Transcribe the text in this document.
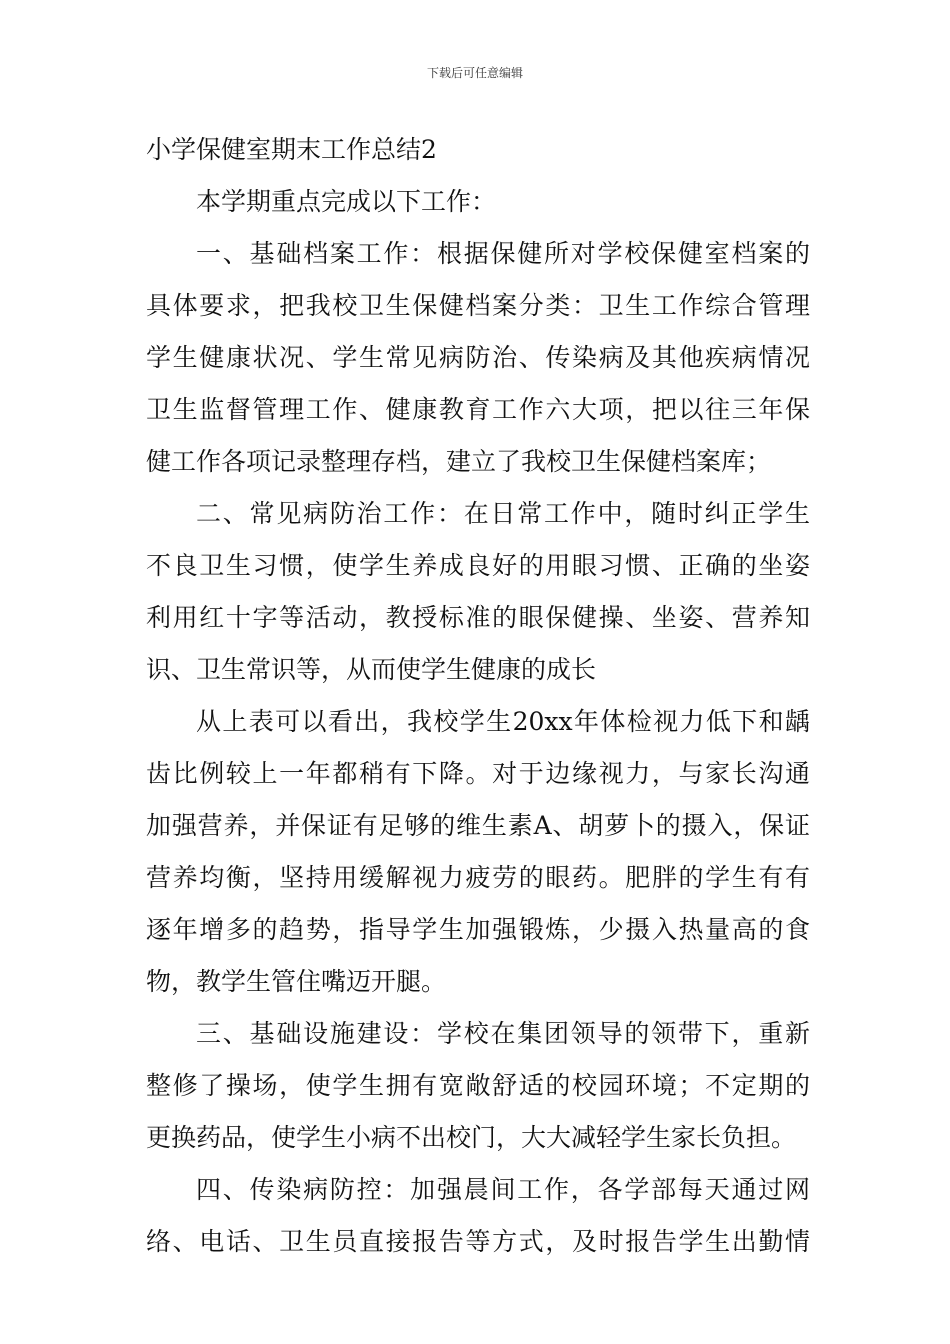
下载后可任意编辑
小学保健室期末工作总结2
本学期重点完成以下工作：
一、基础档案工作：根据保健所对学校保健室档案的
具体要求，把我校卫生保健档案分类：卫生工作综合管理
学生健康状况、学生常见病防治、传染病及其他疾病情况
卫生监督管理工作、健康教育工作六大项，把以往三年保
健工作各项记录整理存档，建立了我校卫生保健档案库；
二、常见病防治工作：在日常工作中，随时纠正学生
不良卫生习惯，使学生养成良好的用眼习惯、正确的坐姿
利用红十字等活动，教授标准的眼保健操、坐姿、营养知
识、卫生常识等，从而使学生健康的成长
从上表可以看出，我校学生20xx年体检视力低下和龋
齿比例较上一年都稍有下降。对于边缘视力，与家长沟通
加强营养，并保证有足够的维生素A、胡萝卜的摄入，保证
营养均衡，坚持用缓解视力疲劳的眼药。肥胖的学生有有
逐年增多的趋势，指导学生加强锻炼，少摄入热量高的食
物，教学生管住嘴迈开腿。
三、基础设施建设：学校在集团领导的领带下，重新
整修了操场，使学生拥有宽敞舒适的校园环境；不定期的
更换药品，使学生小病不出校门，大大减轻学生家长负担。
四、传染病防控：加强晨间工作，各学部每天通过网
络、电话、卫生员直接报告等方式，及时报告学生出勤情
